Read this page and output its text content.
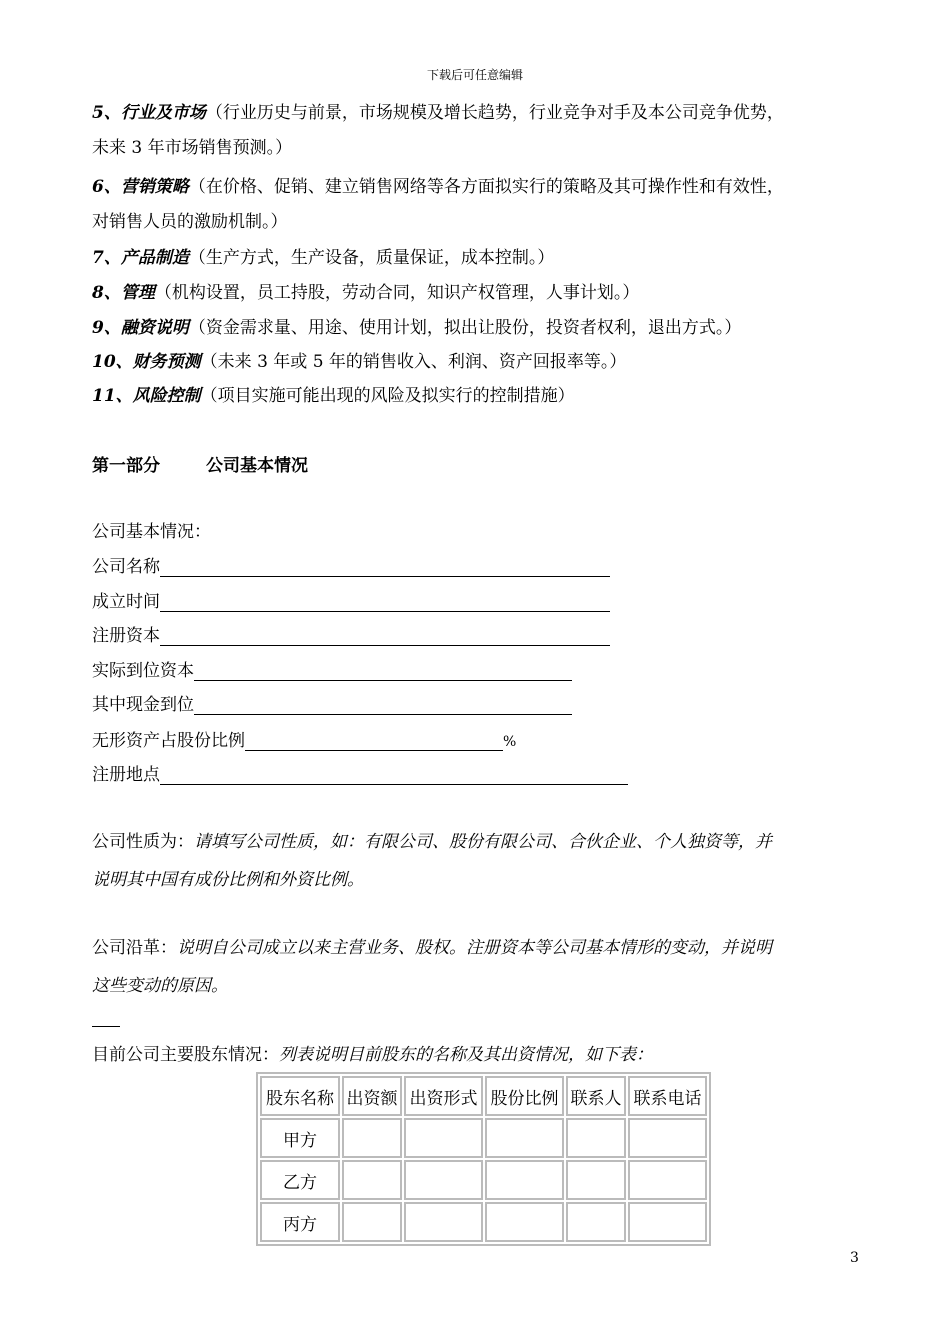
下载后可任意编辑
5、行业及市场（行业历史与前景，市场规模及增长趋势，行业竞争对手及本公司竞争优势，
未来 3 年市场销售预测。）
6、营销策略（在价格、促销、建立销售网络等各方面拟实行的策略及其可操作性和有效性，
对销售人员的激励机制。）
7、产品制造（生产方式，生产设备，质量保证，成本控制。）
8、管理（机构设置，员工持股，劳动合同，知识产权管理，人事计划。）
9、融资说明（资金需求量、用途、使用计划，拟出让股份，投资者权利，退出方式。）
10、财务预测（未来 3 年或 5 年的销售收入、利润、资产回报率等。）
11、风险控制（项目实施可能出现的风险及拟实行的控制措施）
第一部分	公司基本情况
公司基本情况：
公司名称
成立时间
注册资本
实际到位资本
其中现金到位
无形资产占股份比例	%
注册地点
公司性质为：请填写公司性质，如：有限公司、股份有限公司、合伙企业、个人独资等，并
说明其中国有成份比例和外资比例。
公司沿革：说明自公司成立以来主营业务、股权。注册资本等公司基本情形的变动，并说明
这些变动的原因。
目前公司主要股东情况：列表说明目前股东的名称及其出资情况，如下表：
股东名称	出资额	出资形式	股份比例	联系人	联系电话
甲方					
乙方					
丙方					
3
